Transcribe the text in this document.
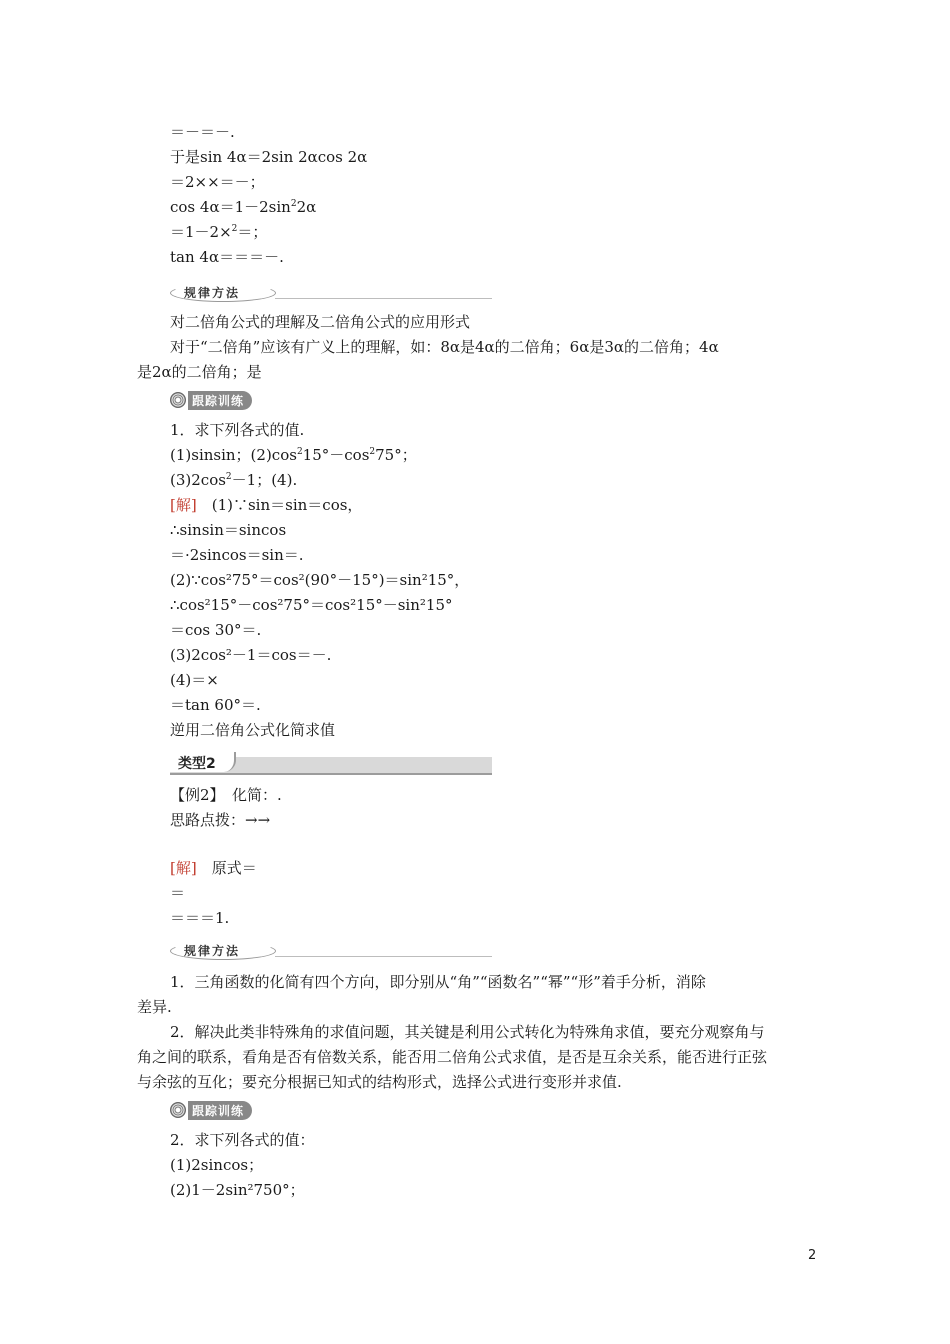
＝－＝－.
于是sin 4α＝2sin 2αcos 2α
＝2××＝－；
$\cos 4\alpha=1-2\sin^22\alpha$
＝1－2×$^2$＝；
tan 4α＝＝＝－.
规律方法
对二倍角公式的理解及二倍角公式的应用形式
对于“二倍角”应该有广义上的理解，如：8α是4α的二倍角；6α是3α的二倍角；4α
是2α的二倍角；是
跟踪训练
1．求下列各式的值.
(1)sinsin；$(2)\cos^215^\circ-\cos^275^\circ$；
$(3)2\cos^2-1$；(4).
[解]　 (1)∵sin＝sin＝cos，
∴sinsin＝sincos
＝·2sincos＝sin＝.
(2)∵cos²75°＝cos²(90°－15°)＝sin²15°，
∴cos²15°－cos²75°＝cos²15°－sin²15°
＝cos 30°＝.
(3)2cos²－1＝cos＝－.
(4)＝×
＝tan 60°＝.
逆用二倍角公式化简求值
类型2
【例2】　化简：.
思路点拨：→→
[解]　 原式＝
＝
＝＝＝1.
规律方法
1．三角函数的化简有四个方向，即分别从“角”“函数名”“幂”“形”着手分析，消除
差异.
2．解决此类非特殊角的求值问题，其关键是利用公式转化为特殊角求值，要充分观察角与
角之间的联系，看角是否有倍数关系，能否用二倍角公式求值，是否是互余关系，能否进行正弦
与余弦的互化；要充分根据已知式的结构形式，选择公式进行变形并求值.
跟踪训练
2．求下列各式的值：
(1)2sincos；
(2)1－2sin²750°；
2
